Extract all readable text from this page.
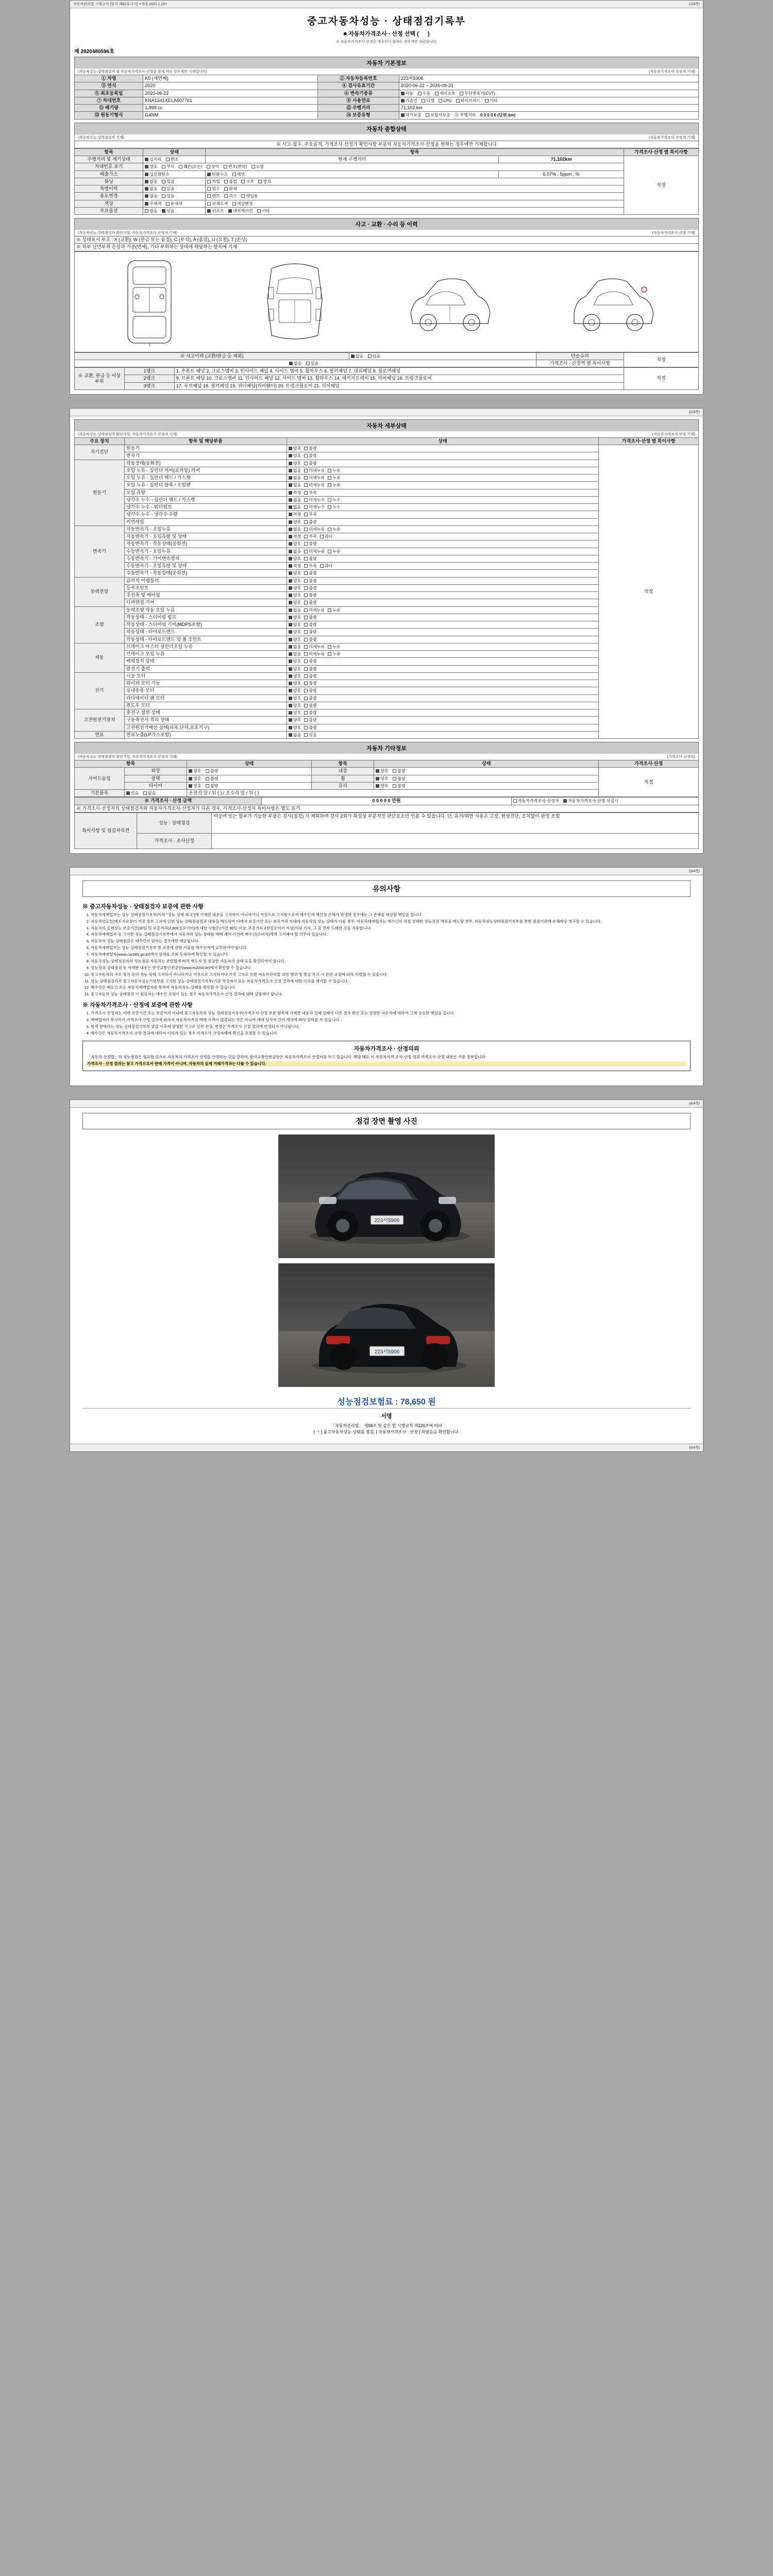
자동차관리법 시행규칙 [별지 제82호서식] <개정 2021.1.15>	(1/4쪽)
중고자동차성능 · 상태점검기록부
■ 자동차가격조사 · 산정 선택 ( 　 )
※ 자동차가격조사·산정은 매수인이 원하는 경우에만 제공합니다.
제 2820480596호
자동차 기본정보
(자동차성능·상태점검자 및 자동차가격조사·산정을 함께 하는 경우에만 기재합니다)	(자동차가격조사·산정자 기재)
① 차명	K5 (세번째)	② 자동차등록번호	223서5906
③ 연식	2020	④ 검사유효기간	2020-06-22 ~ 2026-06-21
⑤ 최초등록일	2020-06-22	⑥ 변속기종류	자동 수동 세미오토 무단변속기(CVT)
⑦ 차대번호	KNA1341XELA507761	⑧ 사용연료	가솔린 디젤 LPG 하이브리드 기타
⑪ 배기량	1,999 cc	⑫ 주행거리	71,102 km
⑬ 원동기형식	G4NM	⑭ 보증유형	자가보증 보험사보증 ⑮ 주행거리 0 0 0 0 0 (단위:km)
자동차 종합상태
(자동차성능·상태점검자 기재)	(자동차가격조사·산정자 기재)
※ 사고·침수, 주요골격, 가격조사·산정가 확인사항 부분의 자동차가격조사·산정을 원하는 경우에만 기재합니다
항목	상태	항목		가격조사·산정 별 특이사항
주행거리 및 계기상태	실거리 변조	현재 주행거리	71,102km	적정
차대번호 표기	양호 부식 훼손(오손) 상이 변조(변타) 도말			
배출가스	일산화탄소	탄화수소 매연	0.07% , 5ppm , %	
튜닝	없음 있음	적법 불법 구조 장치		
특별이력	없음 있음	침수 화재		
용도변경	없음 있음	렌트 리스 영업용		
색상	무채색 유채색	전체도색 색상변경		
주요옵션	없음 있음	선루프 내비게이션 기타		
사고 · 교환 · 수리 등 이력
(자동차성능·상태점검자 확인사항, 자동차가격조사·산정자 기재)	(자동차가격조사·산정 기재)
※ 상태표시 부호 : X (교환), W (판금 또는 용접), C (부식), A (흠집), U (요철), T (손상)
※ 하부 단면부위 손상과 기준(면제), 기타 부위하는 상태에 해당하는 항목에 기재
1
※ 사고이력 (교환/판금 등 제외)	없음 있음	단순수리	적정
없음 있음		가격조사 · 산정액 별 특이사항	
※ 교환, 판금 등 이상 부위	1랭크	1. 후론트 패널 2. 크로스멤버 3. 인사이드 패널 4. 사이드 멤버 5. 휠하우스 6. 필러패널 7. 대쉬패널 8. 플로어패널	적정
	2랭크	9. 프론트 패널 10. 크로스멤버 11. 인사이드 패널 12. 사이드 멤버 13. 휠하우스 14. 패키지트레이 15. 리어패널 16. 트렁크플로어	
	3랭크	17. 루프패널 18. 필러패널 19. 쿼터패널(리어휀더) 20. 트렁크플로어 21. 리어패널	
(2/4쪽)
자동차 세부상태
(자동차성능·상태점검자 확인사항, 자동차가격조사·산정자 기재)	(자동차가격조사·산정 기재)
주요 장치	항목 및 해당부품	상태	가격조사·산정 별 특이사항
자기진단	원동기	양호 불량	적정
	변속기	양호 불량	
원동기	작동상태(공회전)	양호 불량	
	오일 누유 - 실린더 커버(로커암) 커버	없음 미세누유 누유	
	오일 누유 - 실린더 헤드 / 가스켓	없음 미세누유 누유	
	오일 누유 - 실린더 블록 / 오일팬	없음 미세누유 누유	
	오일 유량	적정 부족	
	냉각수 누수 - 실린더 헤드 / 가스켓	없음 미세누수 누수	
	냉각수 누수 - 워터펌프	없음 미세누수 누수	
	냉각수 누수 - 냉각수 수량	적정 부족	
	커먼레일	양호 불량	
변속기	자동변속기 - 오일누유	없음 미세누유 누유	
	자동변속기 - 오일유량 및 상태	적정 부족 과다	
	자동변속기 - 작동상태(공회전)	양호 불량	
	수동변속기 - 오일누유	없음 미세누유 누유	
	수동변속기 - 기어변속장치	양호 불량	
	수동변속기 - 오일유량 및 상태	적정 부족 과다	
	수동변속기 - 작동상태(공회전)	양호 불량	
동력전달	클러치 어셈블리	양호 불량	
	등속조인트	양호 불량	
	추진축 및 베어링	양호 불량	
	디퍼렌셜 기어	양호 불량	
조향	동력조향 작동 오일 누유	없음 미세누유 누유	
	작동상태 - 스티어링 펌프	양호 불량	
	작동상태 - 스티어링 기어(MDPS포함)	양호 불량	
	작동상태 - 타이로드엔드	양호 불량	
	작동상태 - 타이로드앤드 및 볼 조인트	양호 불량	
제동	브레이크 마스터 실린더오일 누유	없음 미세누유 누유	
	브레이크 오일 누유	없음 미세누유 누유	
	배력장치 상태	양호 불량	
	발전기 출력	양호 불량	
전기	시동 모터	양호 불량	
	와이퍼 모터 기능	양호 불량	
	실내송풍 모터	양호 불량	
	라디에이터 팬 모터	양호 불량	
	윈도우 모터	양호 불량	
고전원전기장치	충전구 절연 상태	양호 불량	
	구동축전지 격리 상태	양호 불량	
	고전원전기배선 상태(피복,단자,보호기구)	양호 불량	
연료	연료누출(LP가스포함)	없음 있음	
자동차 기타정보
(자동차성능·상태점검자 확인사항, 자동차가격조사·산정자 기재)	(가격조사·산정자)
항목		상태	항목	상태	가격조사·산정
사이드슬립	외장	양호 불량	내장	양호 불량	적정
	광택	양호 불량	휠	양호 불량	
	타이어	양호 불량	유리	양호 불량	
기본품목	있음 없음	운전석 앞 / 뒤 ( ) / 조수석 앞 / 뒤 ( )			
※ 가격조사 · 산정 금액	0 0 0 0 0 만원	자동차가격조사·산정자 자동차가격조사·산정 미실시
※ 가격조사·산정자의 상태점검자와 자동차가격조사·산정자가 다른 경우, 가격조사·산정자 특이사항은 별도 표기
특이사항 및 점검자의견	성능 · 상태점검	비공여 또는 할부가 기능한 부품은 검사(점검) 시 제외하며 검사 2회가 특성상 부분적인 판단요소인 인용 수 있습니다. 단, 유지/위반 사용은 고장, 현상진단, 조치없이 판정 포함
	가격조사 · 조사산정	
(3/4쪽)
유의사항
※ 중고자동차성능 · 상태점검자 보증에 관한 사항
1. 자동차매매업자는 성능·상태점검기록부(이하 "성능·상태 체크")에 기재된 내용을 고지하지 아니하거나 거짓으로 고지함으로써 매수인에 재산상 손해가 발생한 경우에는 그 손해를 배상할 책임을 집니다.
2. 자동차인도일(매도자로부터 거짓 정보 고지에 인한 성능·상태점검결과 내용을 매도하여 이에서 보증기간 또는 보증거리 이내에 자동차의 성능·상태가 다를 경우, 자동차매매업자는 매수인이 직접 선택한 성능점검 책임을 매도할 경우, 자동차성능상태점검기록부를 통한 점검기관에 손해배상 청구할 수 있습니다.
3. 자동차의 실제성능 보증기간(30일 및 보증거리(2,000킬로미터)에 대한 사항은(기간 30일 이상, 보증거리 2천킬로미터 이상)이내 거리, 그 중 먼저 도래한 것을 적용합니다.
4. 자동차매매업자 등 고지한 성능·상태점검기록부에서 자동차의 성능·상태를 매매 계약 이전에 매수인(소비자)에게 고지해야 할 의무가 있습니다.
5. 자동차의 성능·상태점검은 매수인이 원하는 경우에만 제공됩니다.
6. 자동차매매업자는 성능·상태점검기록부 및 보증에 관한 서류를 매수인에게 교부하여야 합니다.
7. 자동차매매업자(www.car365.go.kr)에서 상세를 조회·등록하여 확인할 수 있습니다.
8. 자동차성능·상태점검자의 성능점검 자동차는 관련법에 따라 매도자 및 점검한 자동차의 상태 등을 확인하여야 합니다.
9. 성능점검·상태점검 등 자세한 내용은 한국교통안전공단(www.ts2000.kr)에서 확인할 수 있습니다.
10. 중고자동차의 구조·장치 등의 성능·상태 고지하지 아니하거나 거짓으로 고지하거나 거짓 고지로 인한 자동차관리법 위반 행위 및 벌금 부과 시 관련 규정에 따라 처벌할 수 있습니다.
11. 성능·상태점검자가 중고자동차성능기록부를 고지한 성능·상태점검기록부(기준 작성자가 또는 자동차가격조사·산정 결과에 대한 이의를 제기할 수 있습니다.
12. 매수인은 매도인 또는 자동차매매업자를 통하여 자동차성능·상태를 확인할 수 있습니다.
13. 중고자동차 성능·상태점검 시 점검자는 매수인 요청이 있는 경우 자동차가격조사·산정 결과에 대해 설명해야 합니다.
※ 자동차가격조사 · 산정에 보증에 관한 사항
1. 가격조사·산정자는 이에 보증기간 또는 보증거리 이내에 중고자동차의 성능·상태점검기록부(가격조사·산정 부분 항목에 기재한 내용과 실제 상태가 다른 경우 확인 또는 점검한 자동차에 대하여 그에 상응한 책임을 집니다.
2. 매매업자가 부사하기 가격조사·산정 결과에 따라서 자동차가격의 매매 가격이 결정되는 것은 아니며 매매 당사자 간의 계약에 따라 달라질 수 있습니다.
3. 현재 판매하는 성능·상태점검기록부 발급 이후에 발생한 사고로 인한 손상, 변경은 가격조사·산정 결과에 반영되지 아니합니다.
4. 매수인은 자동차가격조사·산정 결과에 대하여 이의가 있는 경우 가격조사·산정자에게 확인을 요청할 수 있습니다.
자동차가격조사 · 산정의뢰

「자동차 산정법」의 성능점검은 필요한 것으로 자동차의 가격조사·산정을 산정하는 것을 말하며, 한국교통안전공단은 자동차가격조사·산정자를 두고 있습니다. 해당 매도 시 자동차가격 조사·산정 결과 가격조사·산정 내용은 기준 정보입니다.

가격조사 · 산정 결과는 참고 가격으로서 판매 가격이 아니며, 자동차의 실제 거래가격과는 다를 수 있습니다.

(4/4쪽)
점검 장면 촬영 사진
223서5906
223서5906
성능점검보험료 : 78,650 원
서명
「자동차관리법」 제58조 및 같은 법 시행규칙 제120조에 따라
[ ㄱ ] 중고자동차성능·상태를 점검, [ 자동차가격조사 · 산정 ] 하였음을 확인합니다.
(4/4쪽)
